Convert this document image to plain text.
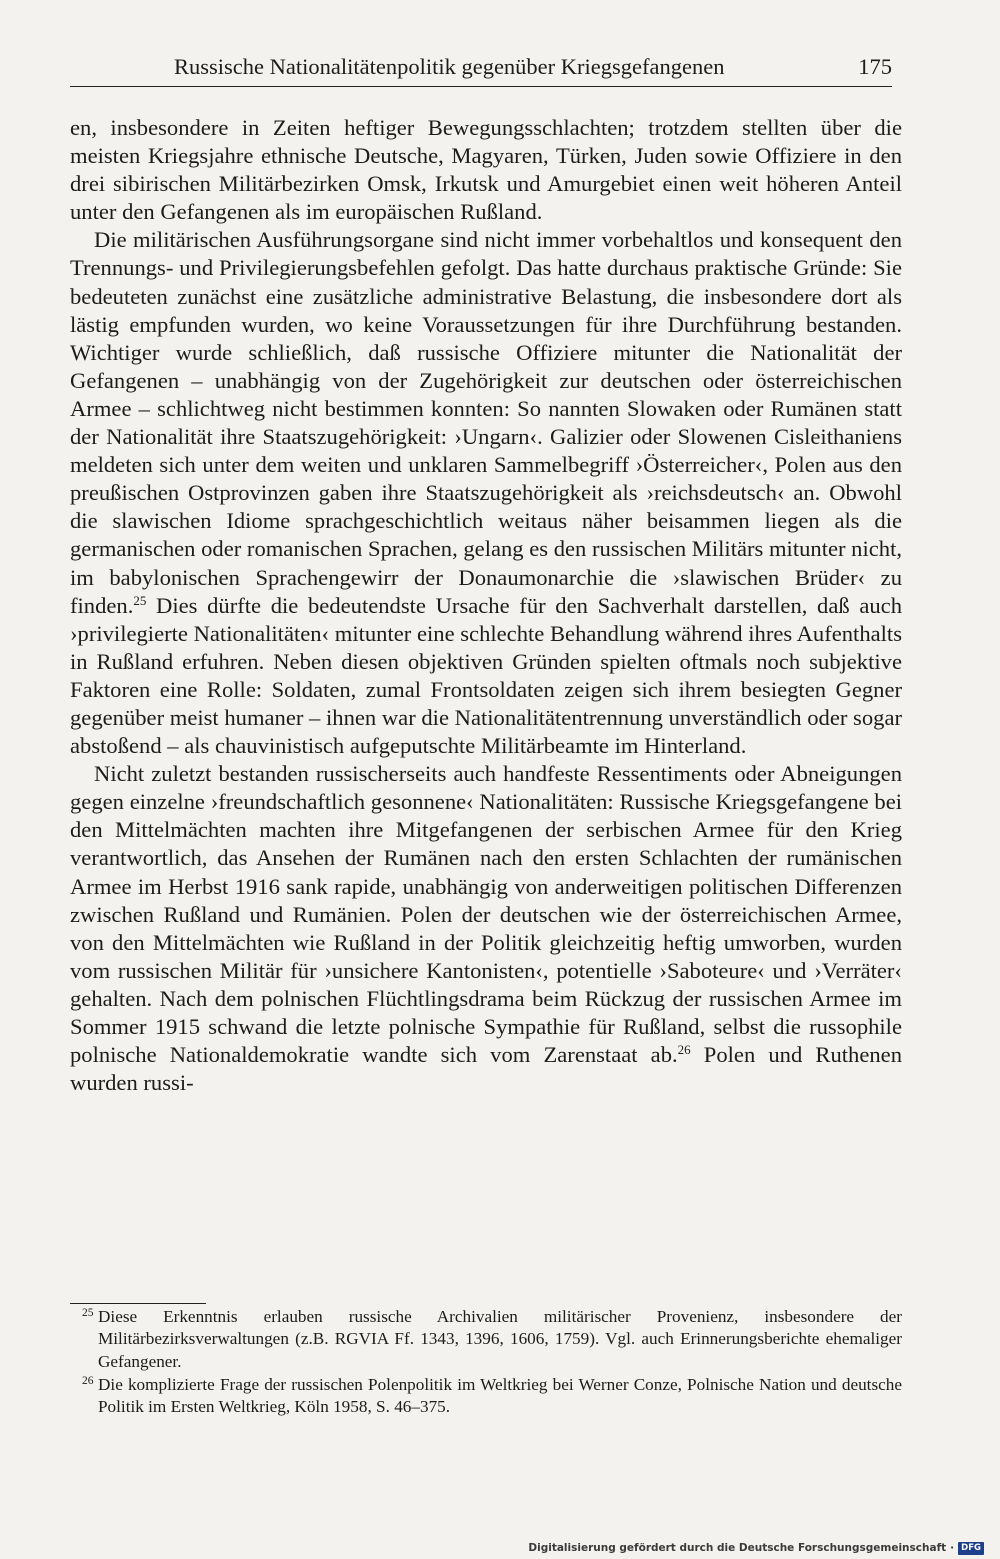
Russische Nationalitätenpolitik gegenüber Kriegsgefangenen	175

en, insbesondere in Zeiten heftiger Bewegungsschlachten; trotzdem stellten über die meisten Kriegsjahre ethnische Deutsche, Magyaren, Türken, Juden sowie Offiziere in den drei sibirischen Militärbezirken Omsk, Irkutsk und Amurgebiet einen weit höheren Anteil unter den Gefangenen als im europäischen Rußland.

Die militärischen Ausführungsorgane sind nicht immer vorbehaltlos und konsequent den Trennungs- und Privilegierungsbefehlen gefolgt. Das hatte durchaus praktische Gründe: Sie bedeuteten zunächst eine zusätzliche administrative Belastung, die insbesondere dort als lästig empfunden wurden, wo keine Voraussetzungen für ihre Durchführung bestanden. Wichtiger wurde schließlich, daß russische Offiziere mitunter die Nationalität der Gefangenen – unabhängig von der Zugehörigkeit zur deutschen oder österreichischen Armee – schlichtweg nicht bestimmen konnten: So nannten Slowaken oder Rumänen statt der Nationalität ihre Staatszugehörigkeit: ›Ungarn‹. Galizier oder Slowenen Cisleithaniens meldeten sich unter dem weiten und unklaren Sammelbegriff ›Österreicher‹, Polen aus den preußischen Ostprovinzen gaben ihre Staatszugehörigkeit als ›reichsdeutsch‹ an. Obwohl die slawischen Idiome sprachgeschichtlich weitaus näher beisammen liegen als die germanischen oder romanischen Sprachen, gelang es den russischen Militärs mitunter nicht, im babylonischen Sprachengewirr der Donaumonarchie die ›slawischen Brüder‹ zu finden.$^{25}$ Dies dürfte die bedeutendste Ursache für den Sachverhalt darstellen, daß auch ›privilegierte Nationalitäten‹ mitunter eine schlechte Behandlung während ihres Aufenthalts in Rußland erfuhren. Neben diesen objektiven Gründen spielten oftmals noch subjektive Faktoren eine Rolle: Soldaten, zumal Frontsoldaten zeigen sich ihrem besiegten Gegner gegenüber meist humaner – ihnen war die Nationalitätentrennung unverständlich oder sogar abstoßend – als chauvinistisch aufgeputschte Militärbeamte im Hinterland.

Nicht zuletzt bestanden russischerseits auch handfeste Ressentiments oder Abneigungen gegen einzelne ›freundschaftlich gesonnene‹ Nationalitäten: Russische Kriegsgefangene bei den Mittelmächten machten ihre Mitgefangenen der serbischen Armee für den Krieg verantwortlich, das Ansehen der Rumänen nach den ersten Schlachten der rumänischen Armee im Herbst 1916 sank rapide, unabhängig von anderweitigen politischen Differenzen zwischen Rußland und Rumänien. Polen der deutschen wie der österreichischen Armee, von den Mittelmächten wie Rußland in der Politik gleichzeitig heftig umworben, wurden vom russischen Militär für ›unsichere Kantonisten‹, potentielle ›Saboteure‹ und ›Verräter‹ gehalten. Nach dem polnischen Flüchtlingsdrama beim Rückzug der russischen Armee im Sommer 1915 schwand die letzte polnische Sympathie für Rußland, selbst die russophile polnische Nationaldemokratie wandte sich vom Zarenstaat ab.$^{26}$ Polen und Ruthenen wurden russi-

25 Diese Erkenntnis erlauben russische Archivalien militärischer Provenienz, insbesondere der Militärbezirksverwaltungen (z.B. RGVIA Ff. 1343, 1396, 1606, 1759). Vgl. auch Erinnerungsberichte ehemaliger Gefangener.
26 Die komplizierte Frage der russischen Polenpolitik im Weltkrieg bei Werner Conze, Polnische Nation und deutsche Politik im Ersten Weltkrieg, Köln 1958, S. 46–375.
Digitalisierung gefördert durch die Deutsche Forschungsgemeinschaft · DFG
